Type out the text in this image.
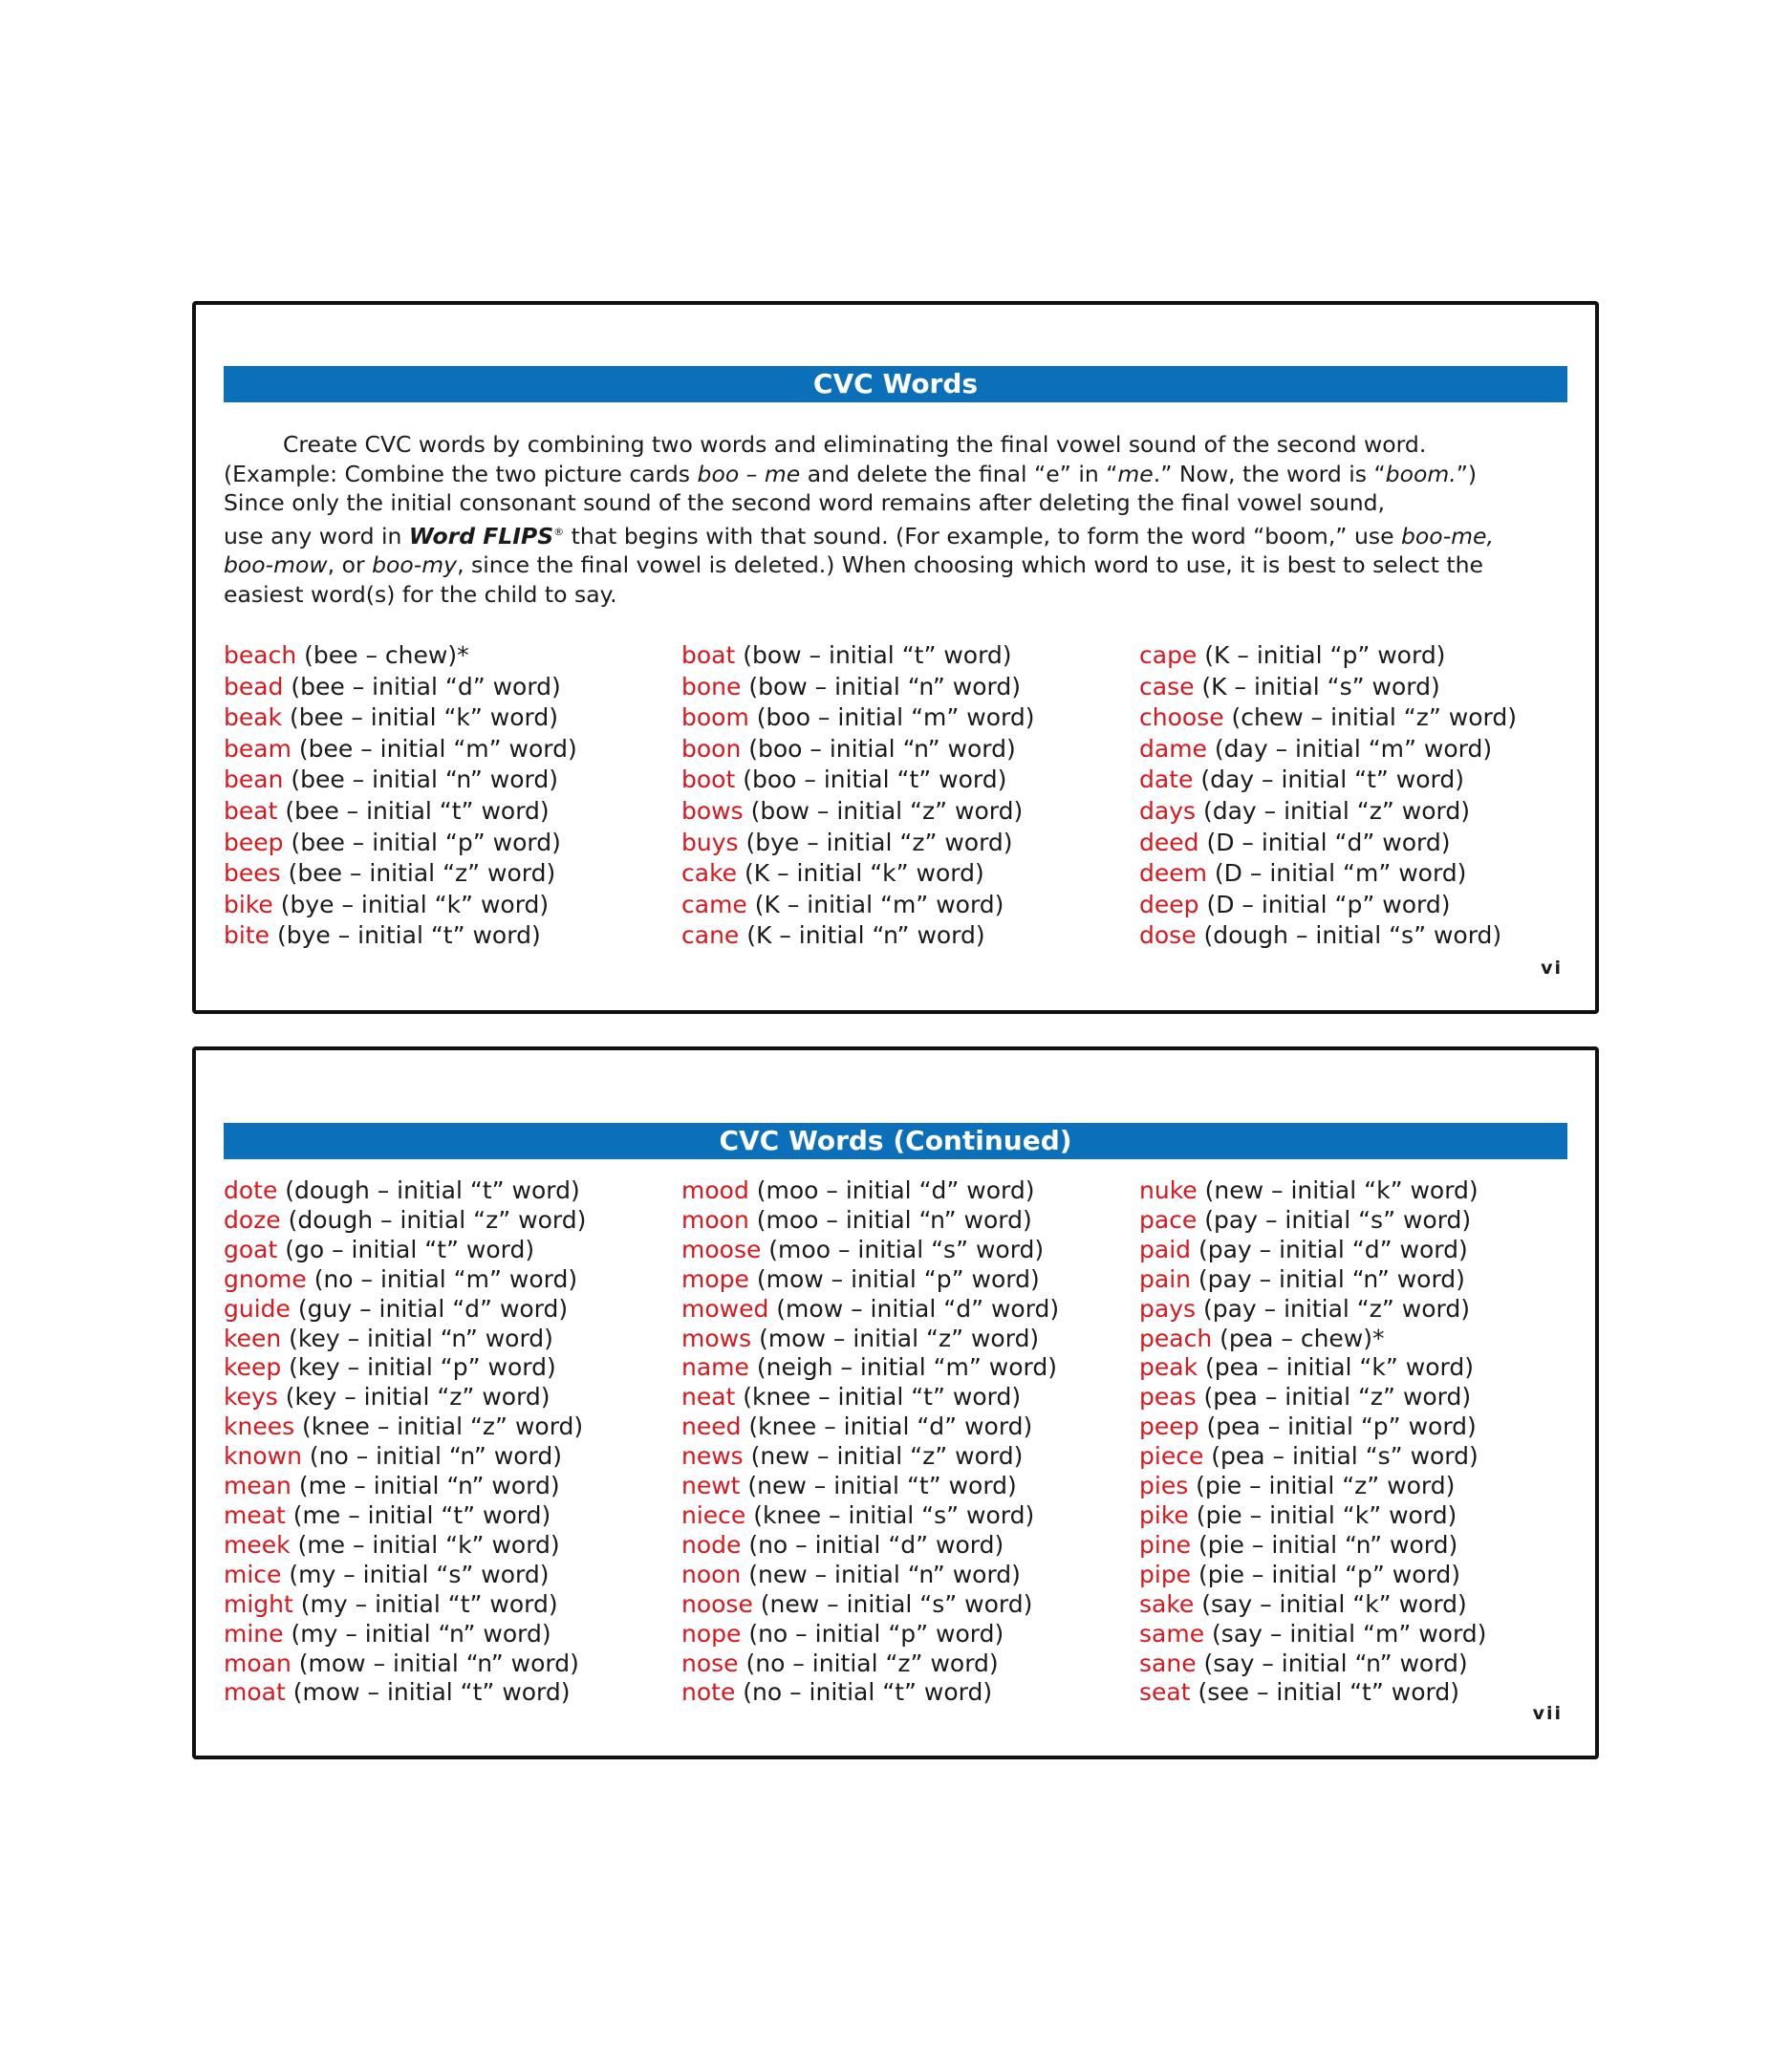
CVC Words

Create CVC words by combining two words and eliminating the final vowel sound of the second word.

(Example: Combine the two picture cards boo – me and delete the final “e” in “me.” Now, the word is “boom.”)

Since only the initial consonant sound of the second word remains after deleting the final vowel sound,

use any word in Word FLIPS® that begins with that sound. (For example, to form the word “boom,” use boo-me,

boo-mow, or boo-my, since the final vowel is deleted.) When choosing which word to use, it is best to select the

easiest word(s) for the child to say.

beach (bee – chew)*
bead (bee – initial “d” word)
beak (bee – initial “k” word)
beam (bee – initial “m” word)
bean (bee – initial “n” word)
beat (bee – initial “t” word)
beep (bee – initial “p” word)
bees (bee – initial “z” word)
bike (bye – initial “k” word)
bite (bye – initial “t” word)
boat (bow – initial “t” word)
bone (bow – initial “n” word)
boom (boo – initial “m” word)
boon (boo – initial “n” word)
boot (boo – initial “t” word)
bows (bow – initial “z” word)
buys (bye – initial “z” word)
cake (K – initial “k” word)
came (K – initial “m” word)
cane (K – initial “n” word)
cape (K – initial “p” word)
case (K – initial “s” word)
choose (chew – initial “z” word)
dame (day – initial “m” word)
date (day – initial “t” word)
days (day – initial “z” word)
deed (D – initial “d” word)
deem (D – initial “m” word)
deep (D – initial “p” word)
dose (dough – initial “s” word)
vi
CVC Words (Continued)
dote (dough – initial “t” word)
doze (dough – initial “z” word)
goat (go – initial “t” word)
gnome (no – initial “m” word)
guide (guy – initial “d” word)
keen (key – initial “n” word)
keep (key – initial “p” word)
keys (key – initial “z” word)
knees (knee – initial “z” word)
known (no – initial “n” word)
mean (me – initial “n” word)
meat (me – initial “t” word)
meek (me – initial “k” word)
mice (my – initial “s” word)
might (my – initial “t” word)
mine (my – initial “n” word)
moan (mow – initial “n” word)
moat (mow – initial “t” word)
mood (moo – initial “d” word)
moon (moo – initial “n” word)
moose (moo – initial “s” word)
mope (mow – initial “p” word)
mowed (mow – initial “d” word)
mows (mow – initial “z” word)
name (neigh – initial “m” word)
neat (knee – initial “t” word)
need (knee – initial “d” word)
news (new – initial “z” word)
newt (new – initial “t” word)
niece (knee – initial “s” word)
node (no – initial “d” word)
noon (new – initial “n” word)
noose (new – initial “s” word)
nope (no – initial “p” word)
nose (no – initial “z” word)
note (no – initial “t” word)
nuke (new – initial “k” word)
pace (pay – initial “s” word)
paid (pay – initial “d” word)
pain (pay – initial “n” word)
pays (pay – initial “z” word)
peach (pea – chew)*
peak (pea – initial “k” word)
peas (pea – initial “z” word)
peep (pea – initial “p” word)
piece (pea – initial “s” word)
pies (pie – initial “z” word)
pike (pie – initial “k” word)
pine (pie – initial “n” word)
pipe (pie – initial “p” word)
sake (say – initial “k” word)
same (say – initial “m” word)
sane (say – initial “n” word)
seat (see – initial “t” word)
vii
